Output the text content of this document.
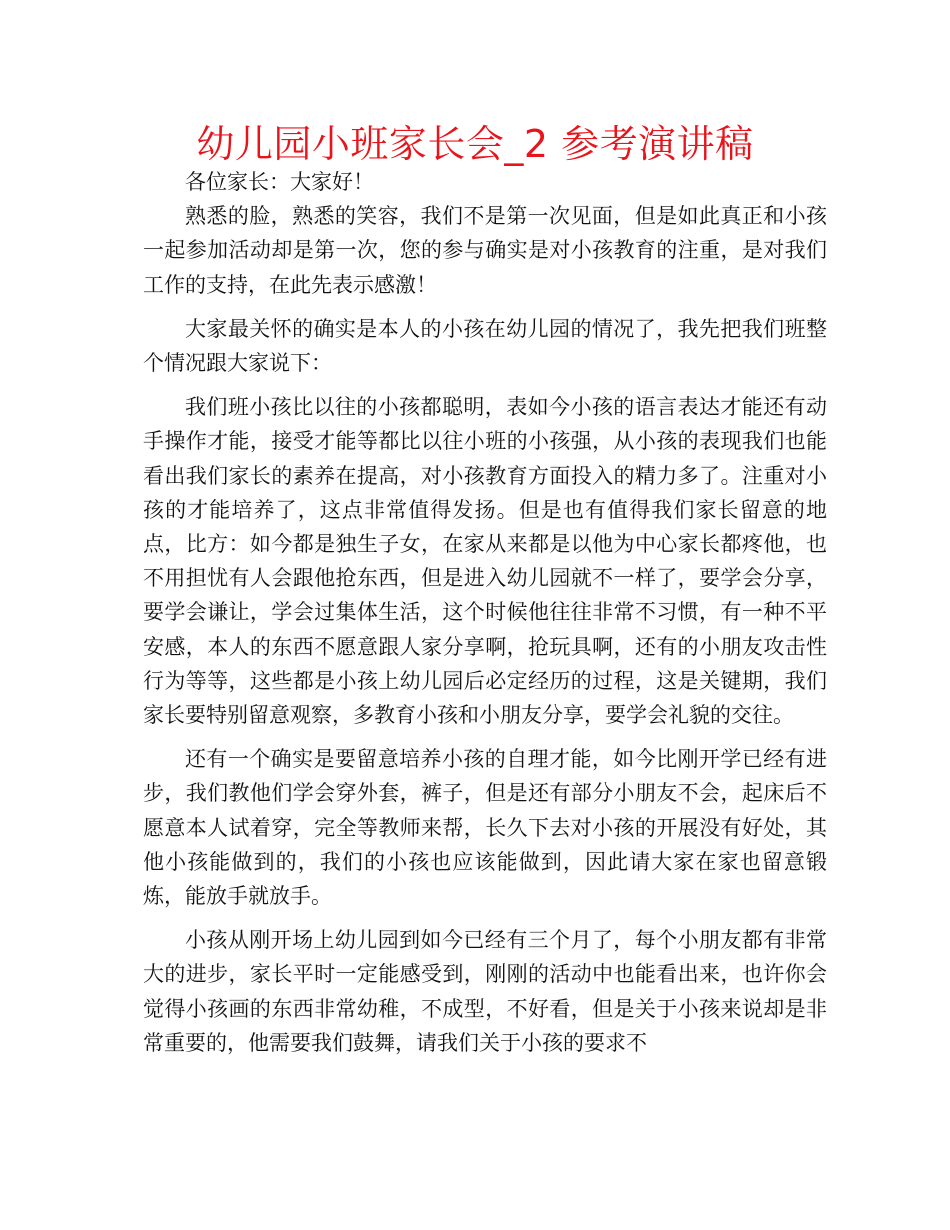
幼儿园小班家长会_2 参考演讲稿

各位家长：大家好！

熟悉的脸，熟悉的笑容，我们不是第一次见面，但是如此真正和小孩一起参加活动却是第一次，您的参与确实是对小孩教育的注重，是对我们工作的支持，在此先表示感激！

大家最关怀的确实是本人的小孩在幼儿园的情况了，我先把我们班整个情况跟大家说下：

我们班小孩比以往的小孩都聪明，表如今小孩的语言表达才能还有动手操作才能，接受才能等都比以往小班的小孩强，从小孩的表现我们也能看出我们家长的素养在提高，对小孩教育方面投入的精力多了。注重对小孩的才能培养了，这点非常值得发扬。但是也有值得我们家长留意的地点，比方：如今都是独生子女，在家从来都是以他为中心家长都疼他，也不用担忧有人会跟他抢东西，但是进入幼儿园就不一样了，要学会分享，要学会谦让，学会过集体生活，这个时候他往往非常不习惯，有一种不平安感，本人的东西不愿意跟人家分享啊，抢玩具啊，还有的小朋友攻击性行为等等，这些都是小孩上幼儿园后必定经历的过程，这是关键期，我们家长要特别留意观察，多教育小孩和小朋友分享，要学会礼貌的交往。

还有一个确实是要留意培养小孩的自理才能，如今比刚开学已经有进步，我们教他们学会穿外套，裤子，但是还有部分小朋友不会，起床后不愿意本人试着穿，完全等教师来帮，长久下去对小孩的开展没有好处，其他小孩能做到的，我们的小孩也应该能做到，因此请大家在家也留意锻炼，能放手就放手。

小孩从刚开场上幼儿园到如今已经有三个月了，每个小朋友都有非常大的进步，家长平时一定能感受到，刚刚的活动中也能看出来，也许你会觉得小孩画的东西非常幼稚，不成型，不好看，但是关于小孩来说却是非常重要的，他需要我们鼓舞，请我们关于小孩的要求不
